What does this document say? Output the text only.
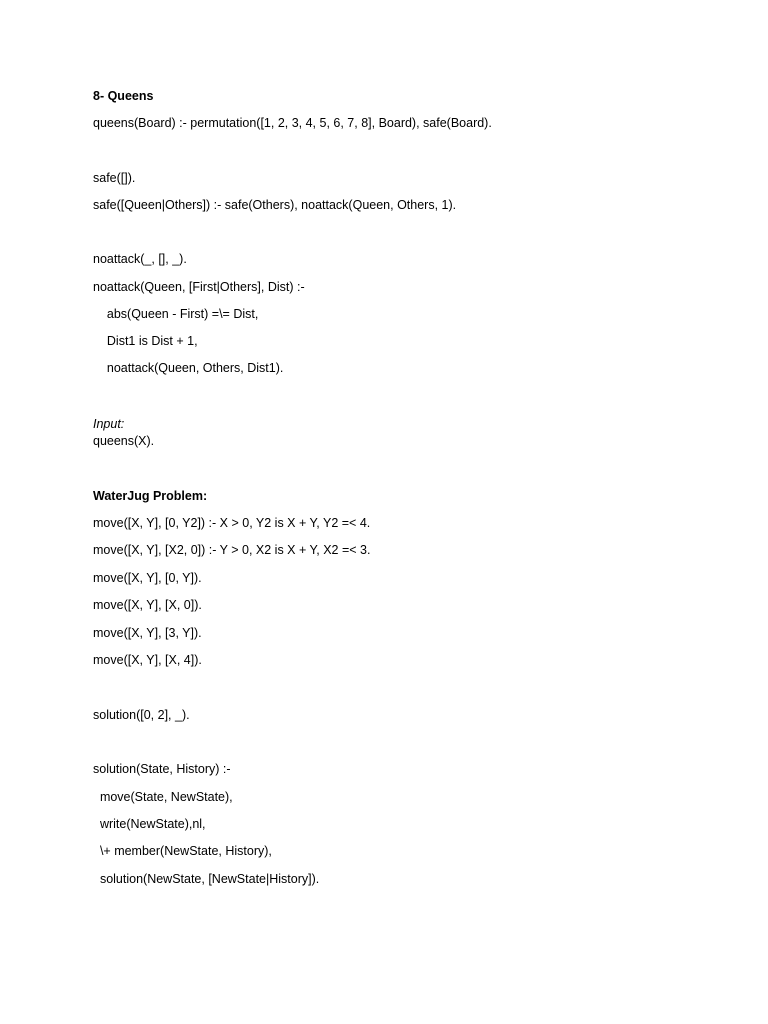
8- Queens
queens(Board) :- permutation([1, 2, 3, 4, 5, 6, 7, 8], Board), safe(Board).
safe([]).
safe([Queen|Others]) :- safe(Others), noattack(Queen, Others, 1).
noattack(_, [], _).
noattack(Queen, [First|Others], Dist) :-
abs(Queen - First) =\= Dist,
Dist1 is Dist + 1,
noattack(Queen, Others, Dist1).
Input:
queens(X).
WaterJug Problem:
move([X, Y], [0, Y2]) :- X > 0, Y2 is X + Y, Y2 =< 4.
move([X, Y], [X2, 0]) :- Y > 0, X2 is X + Y, X2 =< 3.
move([X, Y], [0, Y]).
move([X, Y], [X, 0]).
move([X, Y], [3, Y]).
move([X, Y], [X, 4]).
solution([0, 2], _).
solution(State, History) :-
move(State, NewState),
write(NewState),nl,
\+ member(NewState, History),
solution(NewState, [NewState|History]).
